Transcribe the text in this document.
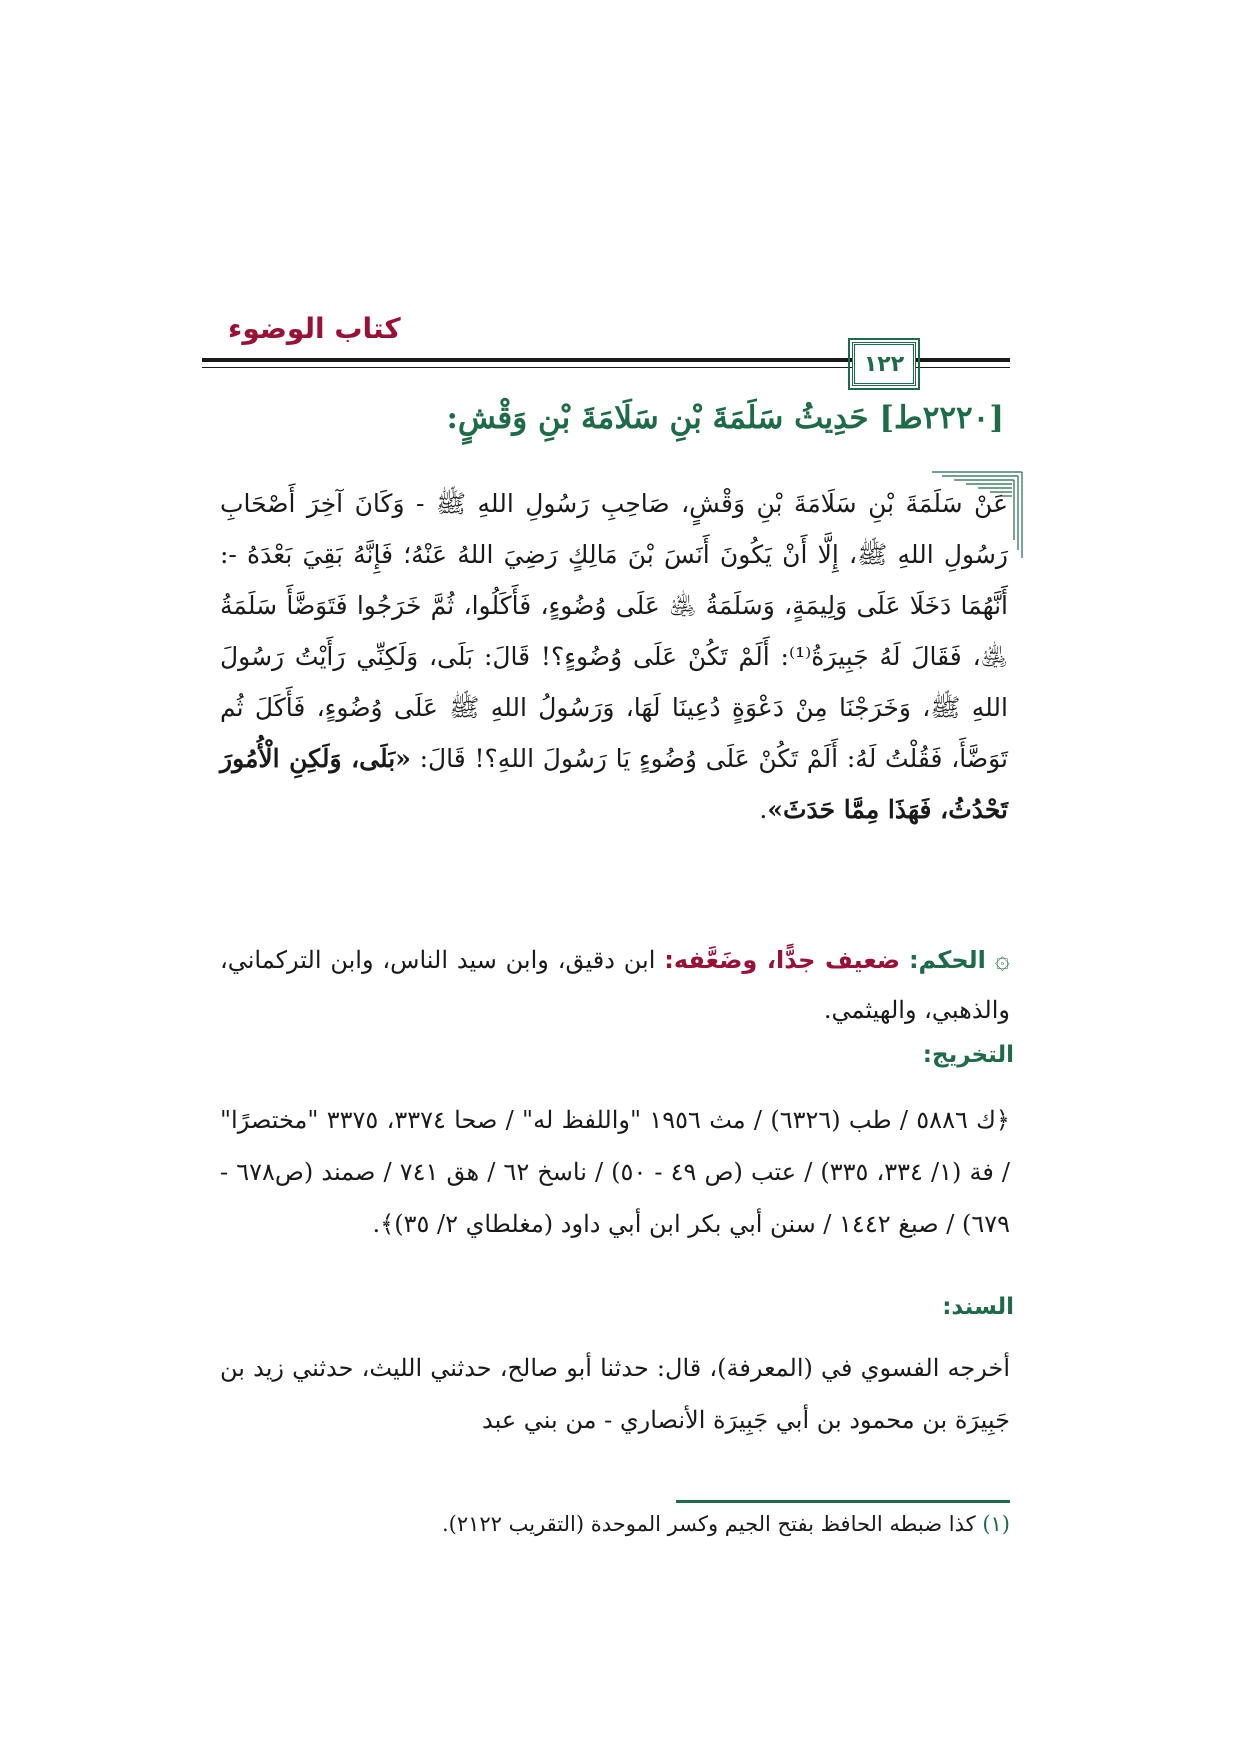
كتاب الوضوء
١٢٢
[٢٢٢٠ط] حَدِيثُ سَلَمَةَ بْنِ سَلَامَةَ بْنِ وَقْشٍ:
عَنْ سَلَمَةَ بْنِ سَلَامَةَ بْنِ وَقْشٍ، صَاحِبِ رَسُولِ اللهِ ﷺ - وَكَانَ آخِرَ أَصْحَابِ رَسُولِ اللهِ ﷺ، إِلَّا أَنْ يَكُونَ أَنَسَ بْنَ مَالِكٍ رَضِيَ اللهُ عَنْهُ؛ فَإِنَّهُ بَقِيَ بَعْدَهُ -: أَنَّهُمَا دَخَلَا عَلَى وَلِيمَةٍ، وَسَلَمَةُ ﵁ عَلَى وُضُوءٍ، فَأَكَلُوا، ثُمَّ خَرَجُوا فَتَوَضَّأَ سَلَمَةُ ﵁، فَقَالَ لَهُ جَبِيرَةُ⁽¹⁾: أَلَمْ تَكُنْ عَلَى وُضُوءٍ؟! قَالَ: بَلَى، وَلَكِنِّي رَأَيْتُ رَسُولَ اللهِ ﷺ، وَخَرَجْنَا مِنْ دَعْوَةٍ دُعِينَا لَهَا، وَرَسُولُ اللهِ ﷺ عَلَى وُضُوءٍ، فَأَكَلَ ثُم تَوَضَّأَ، فَقُلْتُ لَهُ: أَلَمْ تَكُنْ عَلَى وُضُوءٍ يَا رَسُولَ اللهِ؟! قَالَ: «بَلَى، وَلَكِنِ الْأُمُورَ تَحْدُثُ، فَهَذَا مِمَّا حَدَثَ».
۞ الحكم: ضعيف جدًّا، وضَعَّفه: ابن دقيق، وابن سيد الناس، وابن التركماني، والذهبي، والهيثمي.
التخريج:
﴿ك ٥٨٨٦ / طب (٦٣٢٦) / مث ١٩٥٦ "واللفظ له" / صحا ٣٣٧٤، ٣٣٧٥ "مختصرًا" / فة (١/ ٣٣٤، ٣٣٥) / عتب (ص ٤٩ - ٥٠) / ناسخ ٦٢ / هق ٧٤١ / صمند (ص٦٧٨ - ٦٧٩) / صبغ ١٤٤٢ / سنن أبي بكر ابن أبي داود (مغلطاي ٢/ ٣٥)﴾.
السند:
أخرجه الفسوي في (المعرفة)، قال: حدثنا أبو صالح، حدثني الليث، حدثني زيد بن جَبِيرَة بن محمود بن أبي جَبِيرَة الأنصاري - من بني عبد
(١) كذا ضبطه الحافظ بفتح الجيم وكسر الموحدة (التقريب ٢١٢٢).
